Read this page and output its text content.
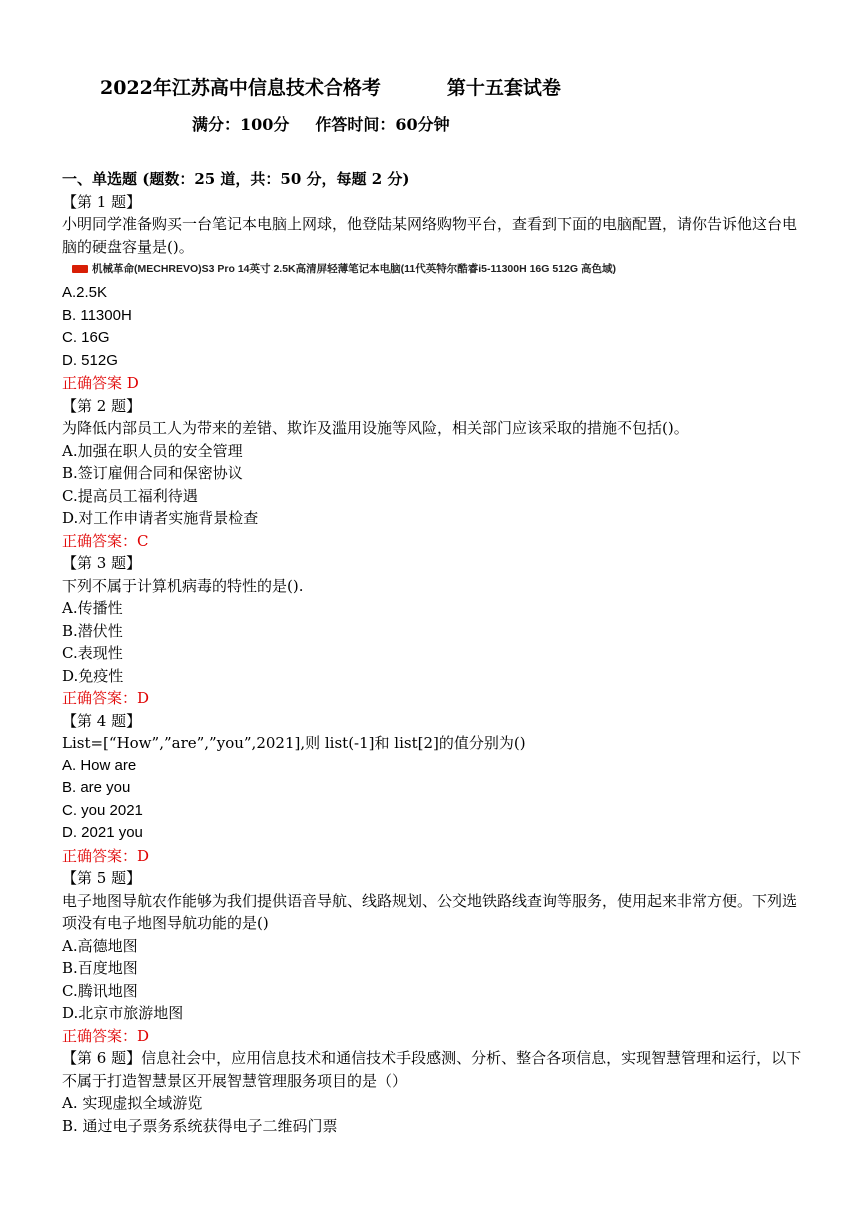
2022年江苏高中信息技术合格考	第十五套试卷
满分：100分 作答时间：60分钟
一、单选题 (题数：25 道，共：50 分，每题 2 分)
【第 1 题】
小明同学准备购买一台笔记本电脑上网球，他登陆某网络购物平台，查看到下面的电脑配置，请你告诉他这台电脑的硬盘容量是()。
机械革命(MECHREVO)S3 Pro 14英寸 2.5K高清屏轻薄笔记本电脑(11代英特尔酷睿i5-11300H 16G 512G 高色域)
A.2.5K
B. 11300H
C. 16G
D. 512G
正确答案 D
【第 2 题】
为降低内部员工人为带来的差错、欺诈及滥用设施等风险，相关部门应该采取的措施不包括()。
A.加强在职人员的安全管理
B.签订雇佣合同和保密协议
C.提高员工福利待遇
D.对工作申请者实施背景检查
正确答案：C
【第 3 题】
下列不属于计算机病毒的特性的是().
A.传播性
B.潜伏性
C.表现性
D.免疫性
正确答案：D
【第 4 题】
List=[“How”,”are”,”you”,2021],则 list(-1]和 list[2]的值分别为()
A. How are
B. are you
C. you 2021
D. 2021 you
正确答案：D
【第 5 题】
电子地图导航农作能够为我们提供语音导航、线路规划、公交地铁路线查询等服务，使用起来非常方便。下列选项没有电子地图导航功能的是()
A.高德地图
B.百度地图
C.腾讯地图
D.北京市旅游地图
正确答案：D
【第 6 题】信息社会中，应用信息技术和通信技术手段感测、分析、整合各项信息，实现智慧管理和运行，以下不属于打造智慧景区开展智慧管理服务项目的是（）
A. 实现虚拟全域游览
B. 通过电子票务系统获得电子二维码门票
